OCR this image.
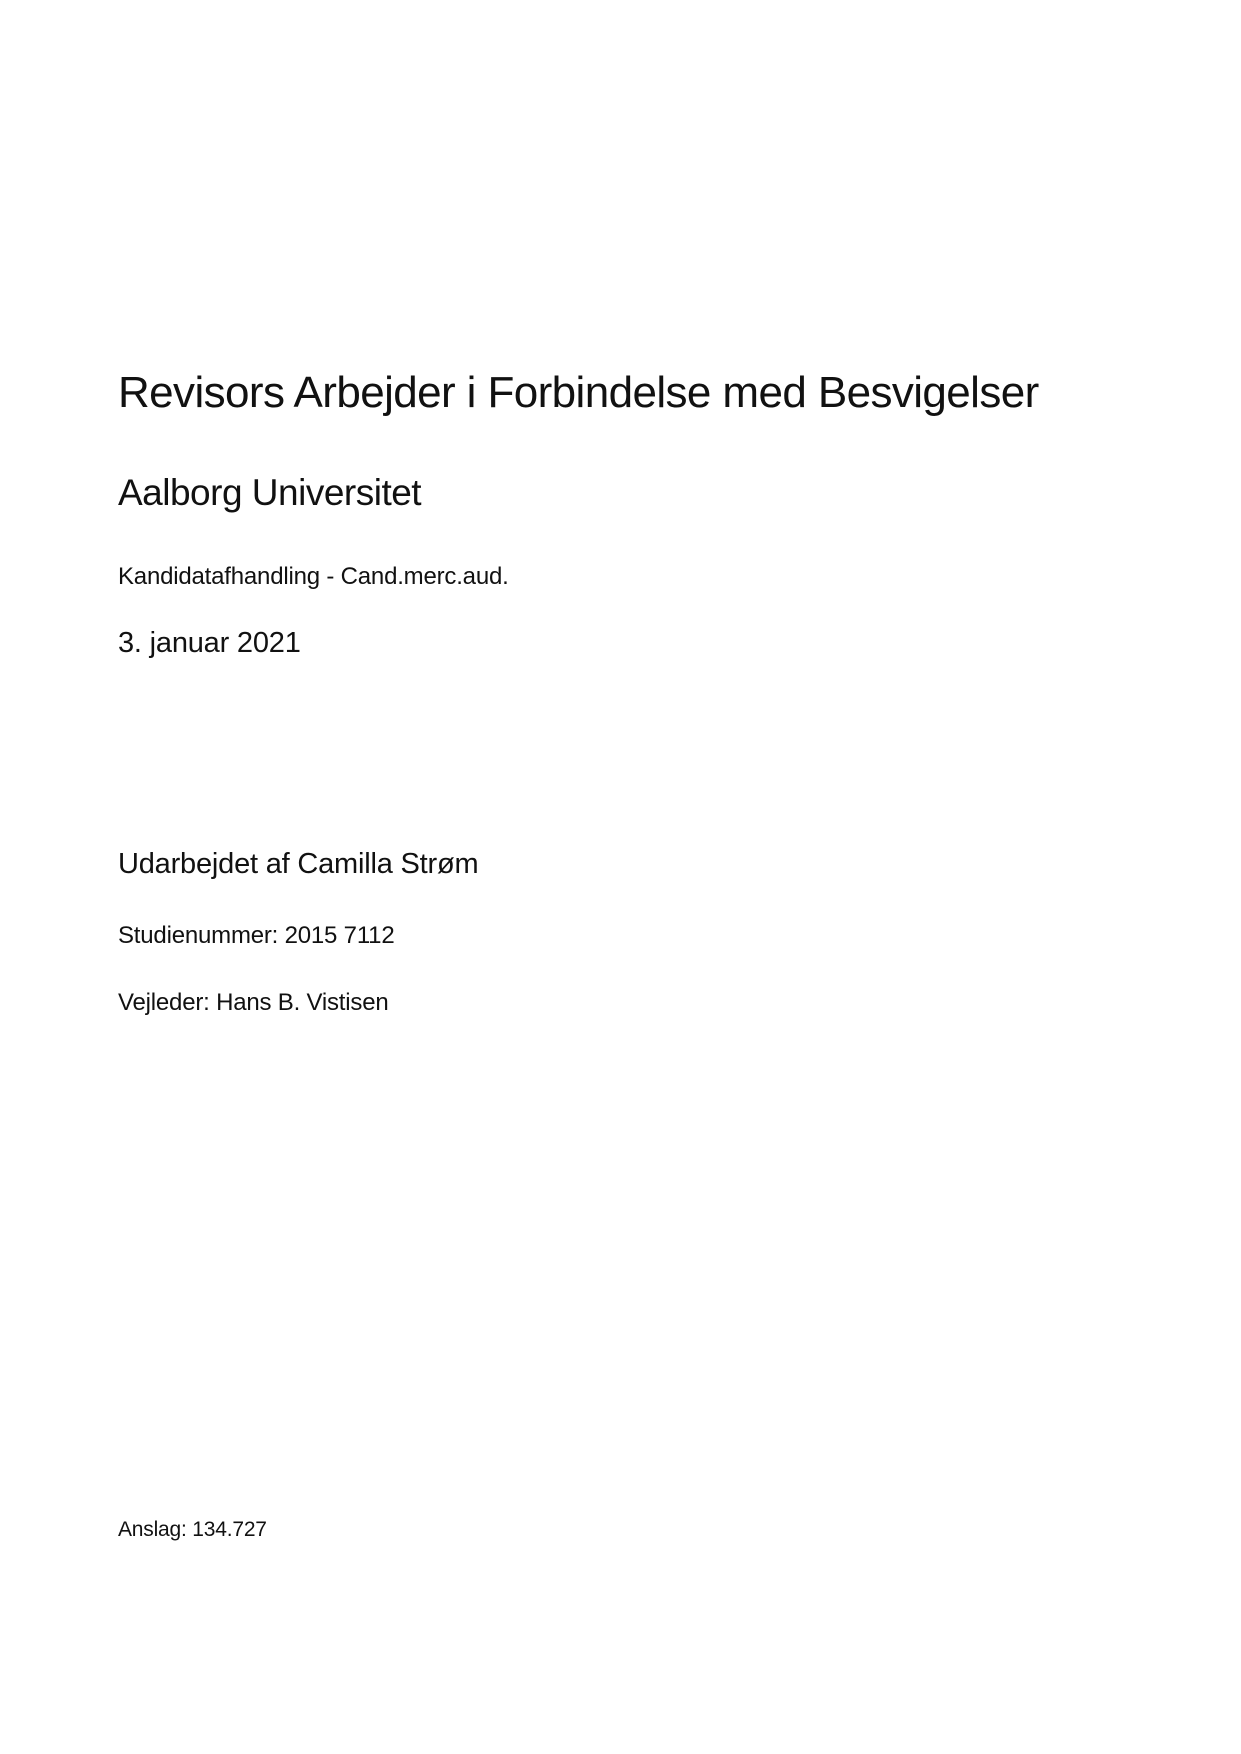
Revisors Arbejder i Forbindelse med Besvigelser
Aalborg Universitet
Kandidatafhandling - Cand.merc.aud.
3. januar 2021
Udarbejdet af Camilla Strøm
Studienummer: 2015 7112
Vejleder: Hans B. Vistisen
Anslag: 134.727
